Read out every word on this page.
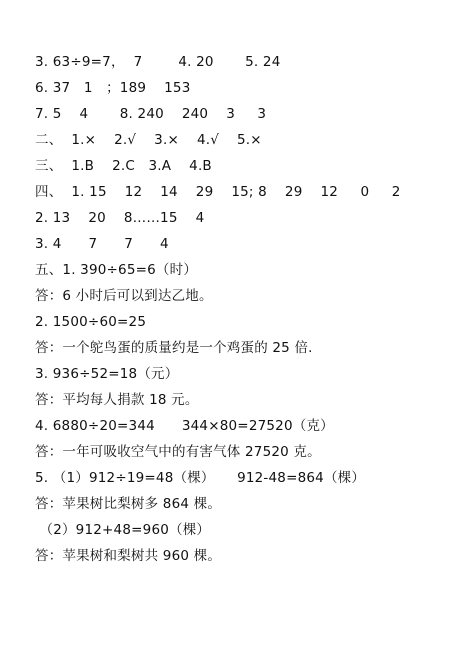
3. 63÷9=7，  7        4. 20       5. 24
6. 37   1   ；189    153
7. 5    4       8. 240    240    3     3
二、  1.×    2.√    3.×    4.√    5.×
三、  1.B    2.C   3.A    4.B
四、  1. 15    12    14    29    15; 8    29    12     0     2
2. 13    20    8……15    4
3. 4      7      7      4
五、1. 390÷65=6（时）
答：6 小时后可以到达乙地。
2. 1500÷60=25
答：一个鸵鸟蛋的质量约是一个鸡蛋的 25 倍.
3. 936÷52=18（元）
答：平均每人捐款 18 元。
4. 6880÷20=344      344×80=27520（克）
答：一年可吸收空气中的有害气体 27520 克。
5. （1）912÷19=48（棵）     912-48=864（棵）
答：苹果树比梨树多 864 棵。
（2）912+48=960（棵）
答：苹果树和梨树共 960 棵。
